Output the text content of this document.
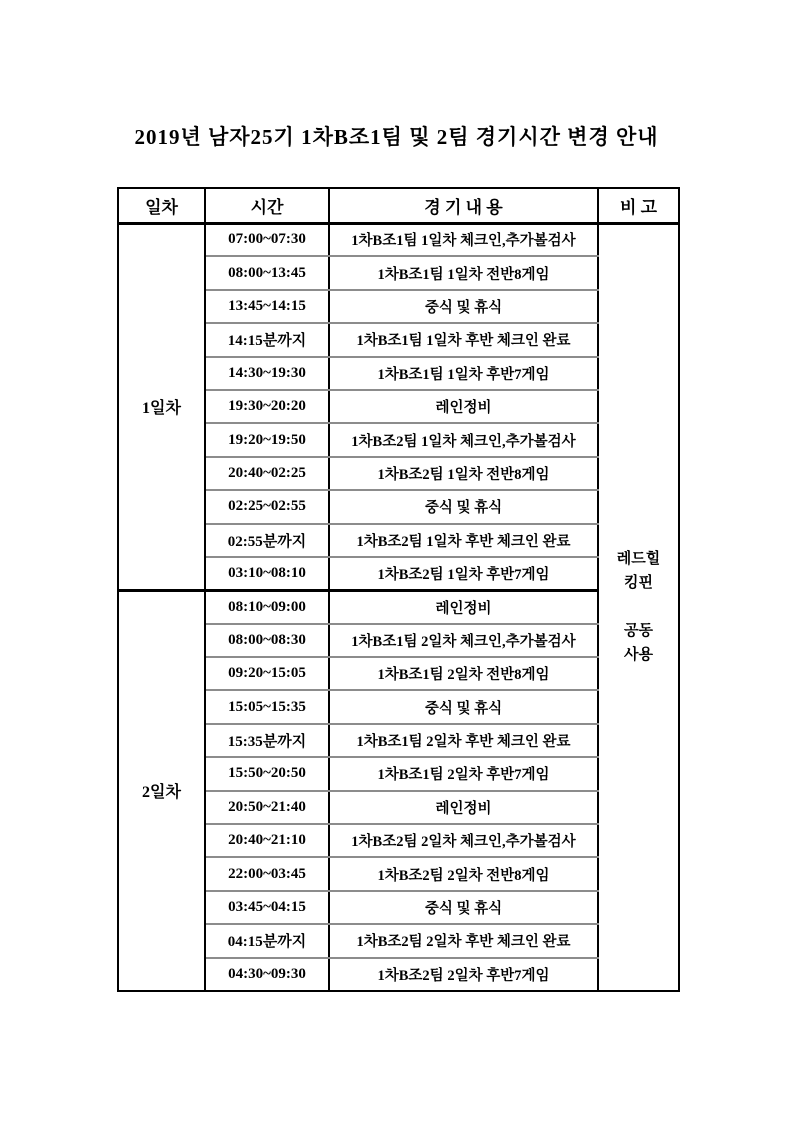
2019년 남자25기 1차B조1팀 및 2팀 경기시간 변경 안내
일차	시간	경 기 내 용	비 고
1일차	07:00~07:30	1차B조1팀 1일차 체크인,추가볼검사	레드힐
킹핀
공동
사용

	08:00~13:45	1차B조1팀 1일차 전반8게임	
	13:45~14:15	중식 및 휴식	
	14:15분까지	1차B조1팀 1일차 후반 체크인 완료	
	14:30~19:30	1차B조1팀 1일차 후반7게임	
	19:30~20:20	레인정비	
	19:20~19:50	1차B조2팀 1일차 체크인,추가볼검사	
	20:40~02:25	1차B조2팀 1일차 전반8게임	
	02:25~02:55	중식 및 휴식	
	02:55분까지	1차B조2팀 1일차 후반 체크인 완료	
	03:10~08:10	1차B조2팀 1일차 후반7게임	
2일차	08:10~09:00	레인정비	
	08:00~08:30	1차B조1팀 2일차 체크인,추가볼검사	
	09:20~15:05	1차B조1팀 2일차 전반8게임	
	15:05~15:35	중식 및 휴식	
	15:35분까지	1차B조1팀 2일차 후반 체크인 완료	
	15:50~20:50	1차B조1팀 2일차 후반7게임	
	20:50~21:40	레인정비	
	20:40~21:10	1차B조2팀 2일차 체크인,추가볼검사	
	22:00~03:45	1차B조2팀 2일차 전반8게임	
	03:45~04:15	중식 및 휴식	
	04:15분까지	1차B조2팀 2일차 후반 체크인 완료	
	04:30~09:30	1차B조2팀 2일차 후반7게임	
